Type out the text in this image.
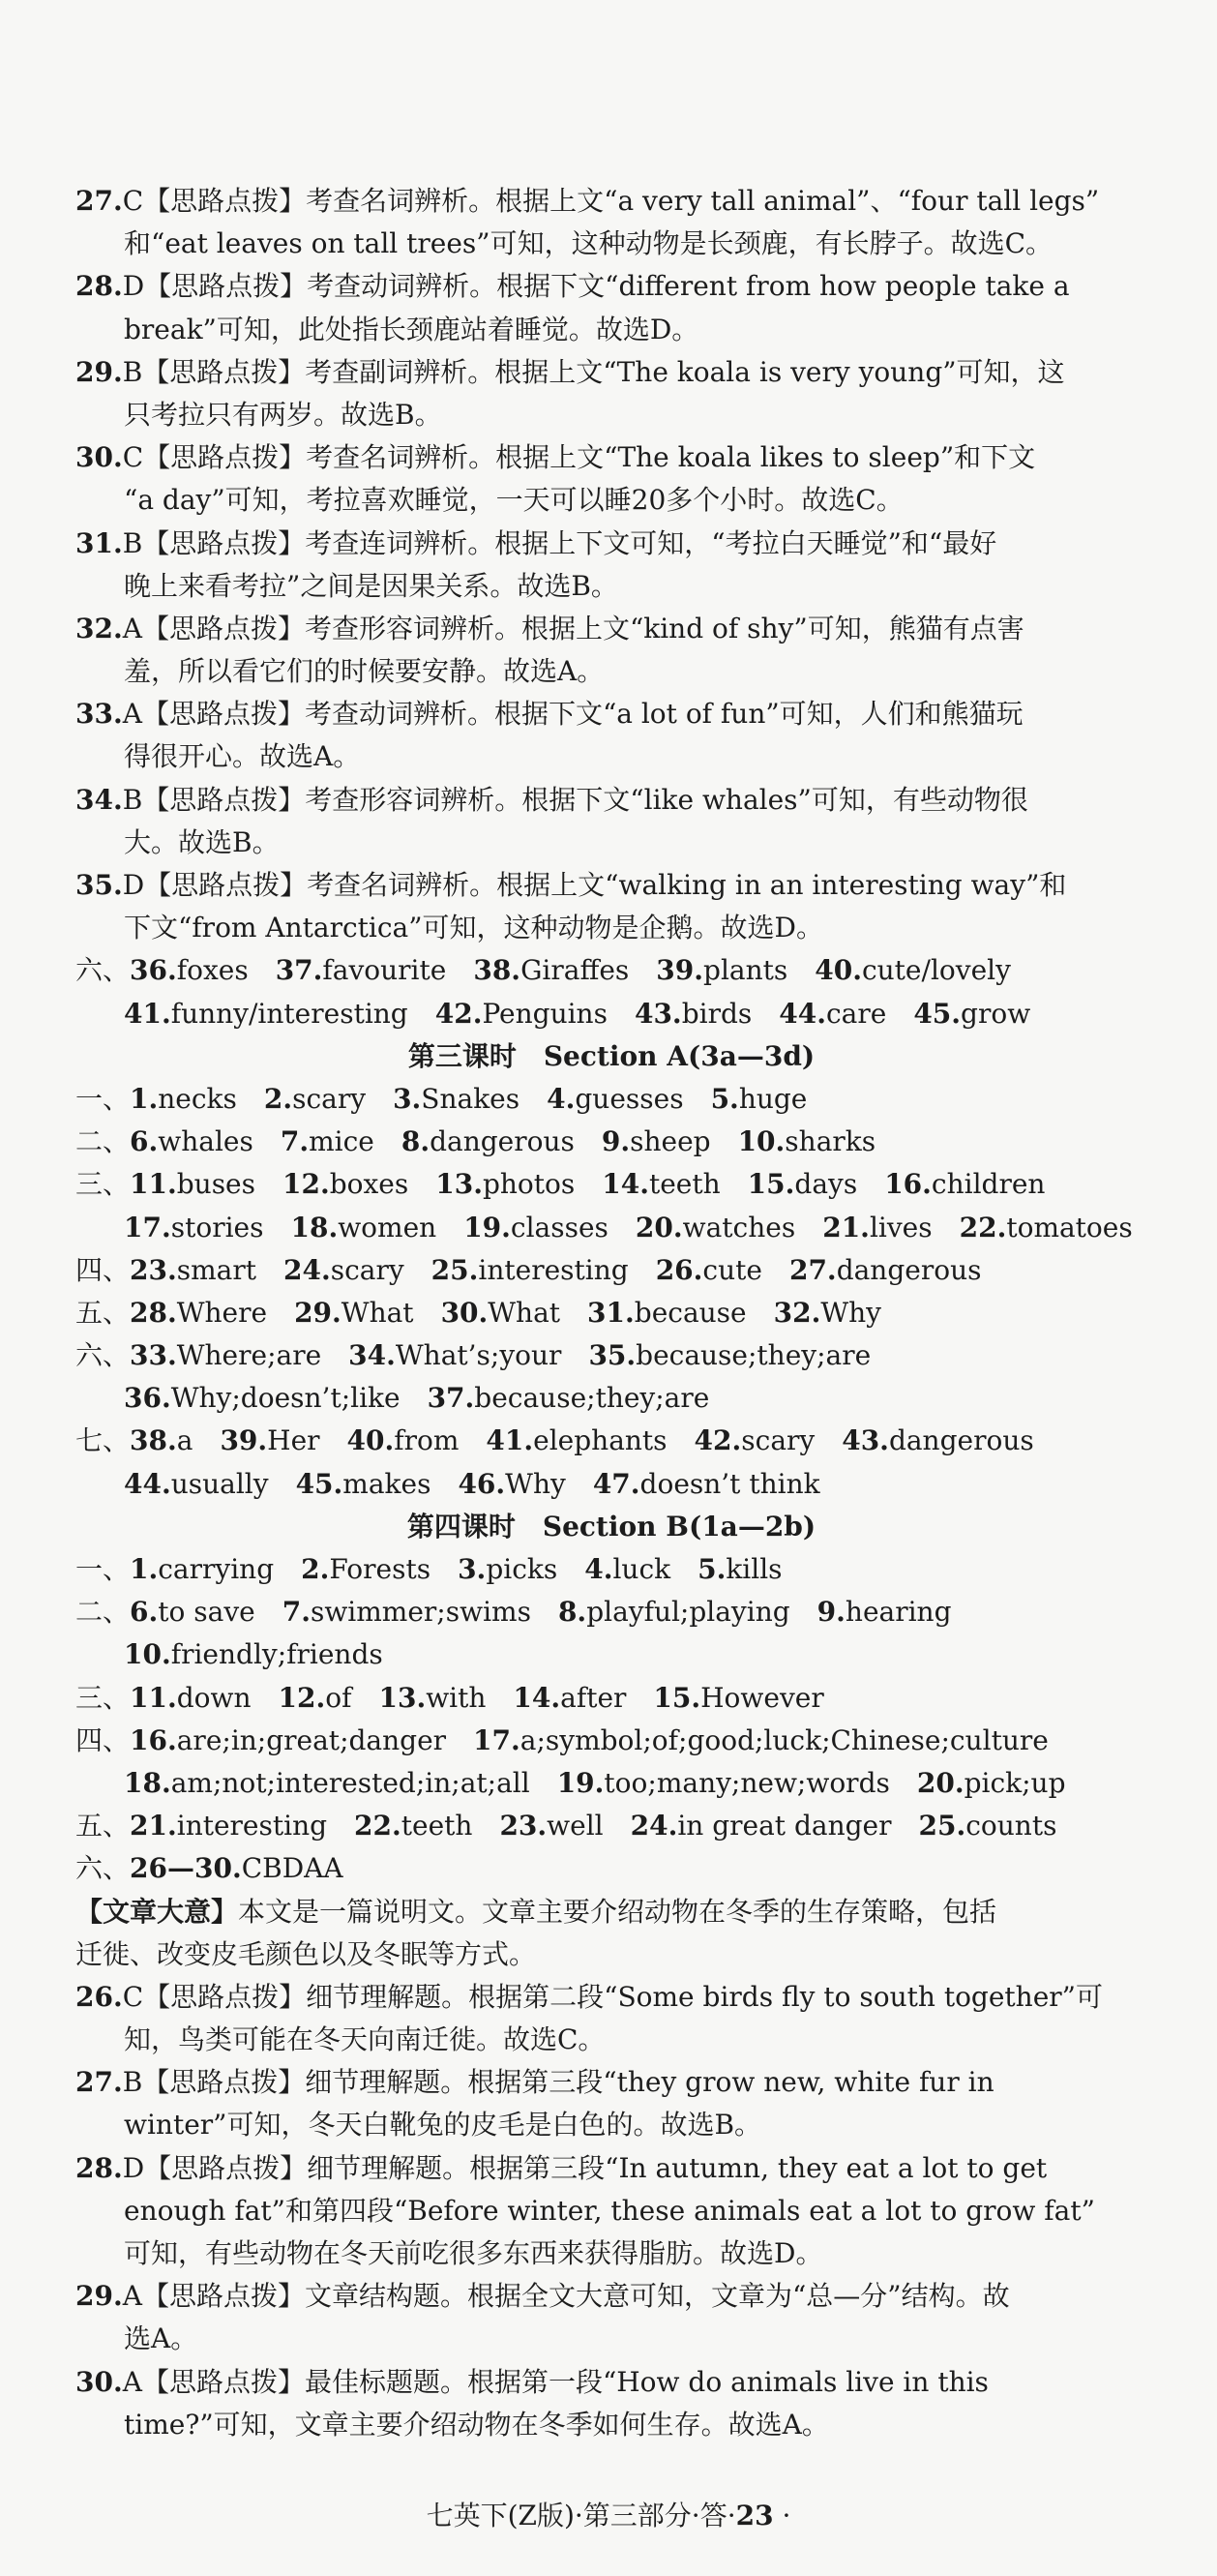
27.C【思路点拨】考查名词辨析。根据上文“a very tall animal”、“four tall legs”
和“eat leaves on tall trees”可知，这种动物是长颈鹿，有长脖子。故选C。
28.D【思路点拨】考查动词辨析。根据下文“different from how people take a
break”可知，此处指长颈鹿站着睡觉。故选D。
29.B【思路点拨】考查副词辨析。根据上文“The koala is very young”可知，这
只考拉只有两岁。故选B。
30.C【思路点拨】考查名词辨析。根据上文“The koala likes to sleep”和下文
“a day”可知，考拉喜欢睡觉，一天可以睡20多个小时。故选C。
31.B【思路点拨】考查连词辨析。根据上下文可知，“考拉白天睡觉”和“最好
晚上来看考拉”之间是因果关系。故选B。
32.A【思路点拨】考查形容词辨析。根据上文“kind of shy”可知，熊猫有点害
羞，所以看它们的时候要安静。故选A。
33.A【思路点拨】考查动词辨析。根据下文“a lot of fun”可知，人们和熊猫玩
得很开心。故选A。
34.B【思路点拨】考查形容词辨析。根据下文“like whales”可知，有些动物很
大。故选B。
35.D【思路点拨】考查名词辨析。根据上文“walking in an interesting way”和
下文“from Antarctica”可知，这种动物是企鹅。故选D。
六、36.foxes　37.favourite　38.Giraffes　39.plants　40.cute/lovely
41.funny/interesting　42.Penguins　43.birds　44.care　45.grow
第三课时　Section A(3a—3d)
一、1.necks　2.scary　3.Snakes　4.guesses　5.huge
二、6.whales　7.mice　8.dangerous　9.sheep　10.sharks
三、11.buses　12.boxes　13.photos　14.teeth　15.days　16.children
17.stories　18.women　19.classes　20.watches　21.lives　22.tomatoes
四、23.smart　24.scary　25.interesting　26.cute　27.dangerous
五、28.Where　29.What　30.What　31.because　32.Why
六、33.Where;are　34.What’s;your　35.because;they;are
36.Why;doesn’t;like　37.because;they;are
七、38.a　39.Her　40.from　41.elephants　42.scary　43.dangerous
44.usually　45.makes　46.Why　47.doesn’t think
第四课时　Section B(1a—2b)
一、1.carrying　2.Forests　3.picks　4.luck　5.kills
二、6.to save　7.swimmer;swims　8.playful;playing　9.hearing
10.friendly;friends
三、11.down　12.of　13.with　14.after　15.However
四、16.are;in;great;danger　17.a;symbol;of;good;luck;Chinese;culture
18.am;not;interested;in;at;all　19.too;many;new;words　20.pick;up
五、21.interesting　22.teeth　23.well　24.in great danger　25.counts
六、26—30.CBDAA
【文章大意】本文是一篇说明文。文章主要介绍动物在冬季的生存策略，包括
迁徙、改变皮毛颜色以及冬眠等方式。
26.C【思路点拨】细节理解题。根据第二段“Some birds fly to south together”可
知，鸟类可能在冬天向南迁徙。故选C。
27.B【思路点拨】细节理解题。根据第三段“they grow new, white fur in
winter”可知，冬天白靴兔的皮毛是白色的。故选B。
28.D【思路点拨】细节理解题。根据第三段“In autumn, they eat a lot to get
enough fat”和第四段“Before winter, these animals eat a lot to grow fat”
可知，有些动物在冬天前吃很多东西来获得脂肪。故选D。
29.A【思路点拨】文章结构题。根据全文大意可知，文章为“总—分”结构。故
选A。
30.A【思路点拨】最佳标题题。根据第一段“How do animals live in this
time?”可知，文章主要介绍动物在冬季如何生存。故选A。
七英下(Z版)·第三部分·答·23 ·
